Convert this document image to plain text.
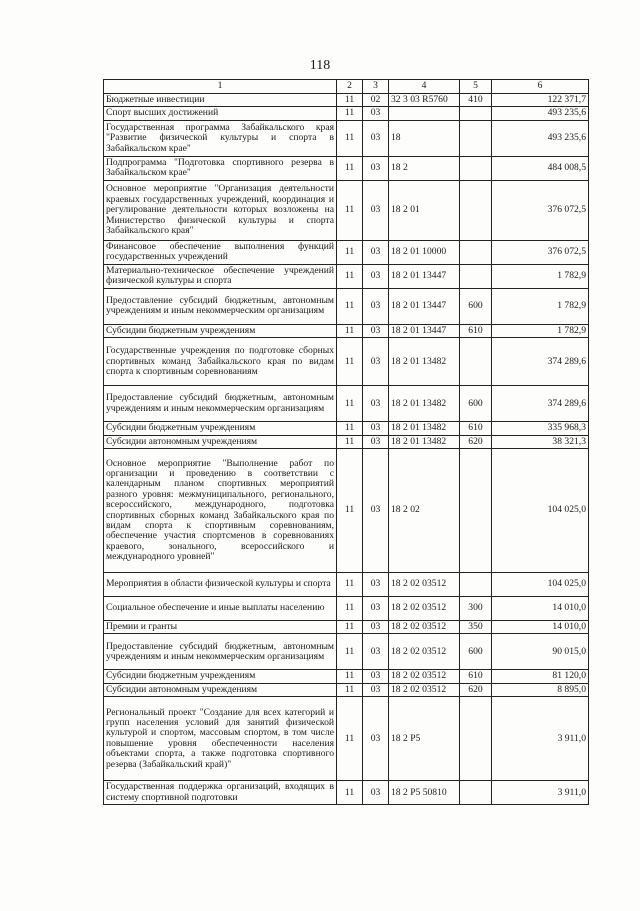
118
1	2	3	4	5	6
Бюджетные инвестиции	11	02	32 3 03 R5760	410	122 371,7
Спорт высших достижений	11	03			493 235,6
Государственная программа Забайкальского края "Развитие физической культуры и спорта в Забайкальском крае"	11	03	18		493 235,6
Подпрограмма "Подготовка спортивного резерва в Забайкальском крае"	11	03	18 2		484 008,5
Основное мероприятие "Организация деятельности краевых государственных учреждений, координация и регулирование деятельности которых возложены на Министерство физической культуры и спорта Забайкальского края"	11	03	18 2 01		376 072,5
Финансовое обеспечение выполнения функций государственных учреждений	11	03	18 2 01 10000		376 072,5
Материально-техническое обеспечение учреждений физической культуры и спорта	11	03	18 2 01 13447		1 782,9
Предоставление субсидий бюджетным, автономным учреждениям и иным некоммерческим организациям	11	03	18 2 01 13447	600	1 782,9
Субсидии бюджетным учреждениям	11	03	18 2 01 13447	610	1 782,9
Государственные учреждения по подготовке сборных спортивных команд Забайкальского края по видам спорта к спортивным соревнованиям	11	03	18 2 01 13482		374 289,6
Предоставление субсидий бюджетным, автономным учреждениям и иным некоммерческим организациям	11	03	18 2 01 13482	600	374 289,6
Субсидии бюджетным учреждениям	11	03	18 2 01 13482	610	335 968,3
Субсидии автономным учреждениям	11	03	18 2 01 13482	620	38 321,3
Основное мероприятие "Выполнение работ по организации и проведению в соответствии с календарным планом спортивных мероприятий разного уровня: межмуниципального, регионального, всероссийского, международного, подготовка спортивных сборных команд Забайкальского края по видам спорта к спортивным соревнованиям, обеспечение участия спортсменов в соревнованиях краевого, зонального, всероссийского и международного уровней"	11	03	18 2 02		104 025,0
Мероприятия в области физической культуры и спорта	11	03	18 2 02 03512		104 025,0
Социальное обеспечение и иные выплаты населению	11	03	18 2 02 03512	300	14 010,0
Премии и гранты	11	03	18 2 02 03512	350	14 010,0
Предоставление субсидий бюджетным, автономным учреждениям и иным некоммерческим организациям	11	03	18 2 02 03512	600	90 015,0
Субсидии бюджетным учреждениям	11	03	18 2 02 03512	610	81 120,0
Субсидии автономным учреждениям	11	03	18 2 02 03512	620	8 895,0
Региональный проект "Создание для всех категорий и групп населения условий для занятий физической культурой и спортом, массовым спортом, в том числе повышение уровня обеспеченности населения объектами спорта, а также подготовка спортивного резерва (Забайкальский край)"	11	03	18 2 P5		3 911,0
Государственная поддержка организаций, входящих в систему спортивной подготовки	11	03	18 2 P5 50810		3 911,0
